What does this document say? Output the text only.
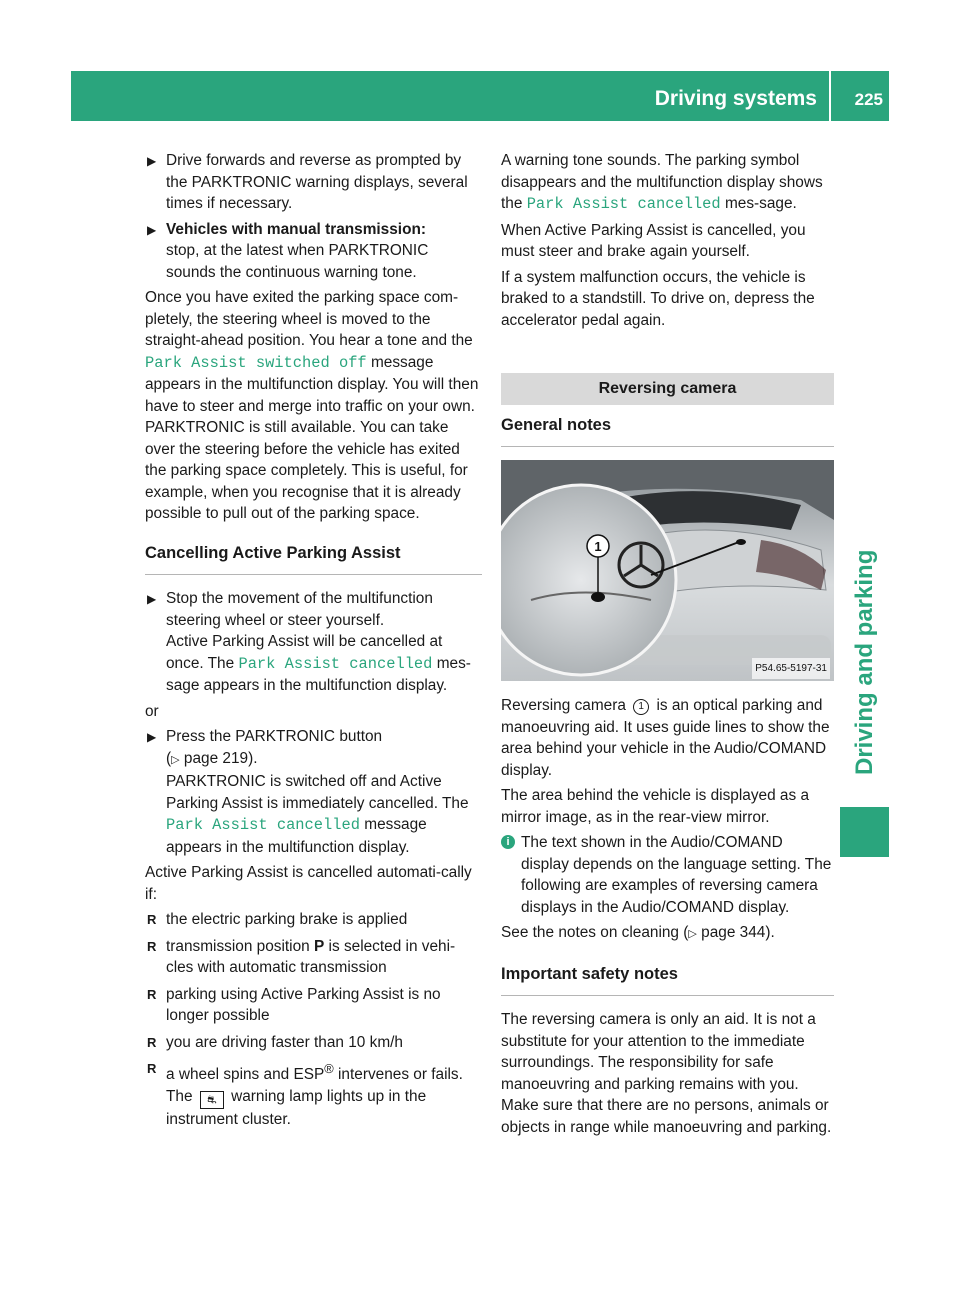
Driving systems 225
Driving and parking
▶ Drive forwards and reverse as prompted by the PARKTRONIC warning displays, several times if necessary.
▶ Vehicles with manual transmission:
stop, at the latest when PARKTRONIC sounds the continuous warning tone.

Once you have exited the parking space com-pletely, the steering wheel is moved to the straight-ahead position. You hear a tone and the Park Assist switched off message appears in the multifunction display. You will then have to steer and merge into traffic on your own. PARKTRONIC is still available. You can take over the steering before the vehicle has exited the parking space completely. This is useful, for example, when you recognise that it is already possible to pull out of the parking space.

Cancelling Active Parking Assist
▶ Stop the movement of the multifunction steering wheel or steer yourself.
Active Parking Assist will be cancelled at once. The Park Assist cancelled mes-sage appears in the multifunction display.

or

▶ Press the PARKTRONIC button
(▷ page 219).
PARKTRONIC is switched off and Active Parking Assist is immediately cancelled. The Park Assist cancelled message appears in the multifunction display.

Active Parking Assist is cancelled automati-cally if:

R the electric parking brake is applied
R transmission position P is selected in vehi-cles with automatic transmission
R parking using Active Parking Assist is no longer possible
R you are driving faster than 10 km/h
R a wheel spins and ESP® intervenes or fails. The ⛐ warning lamp lights up in the instrument cluster.

A warning tone sounds. The parking symbol disappears and the multifunction display shows the Park Assist cancelled mes-sage.

When Active Parking Assist is cancelled, you must steer and brake again yourself.

If a system malfunction occurs, the vehicle is braked to a standstill. To drive on, depress the accelerator pedal again.

Reversing camera
General notes
1
P54.65-5197-31

Reversing camera 1 is an optical parking and manoeuvring aid. It uses guide lines to show the area behind your vehicle in the Audio/COMAND display.

The area behind the vehicle is displayed as a mirror image, as in the rear-view mirror.

i The text shown in the Audio/COMAND display depends on the language setting. The following are examples of reversing camera displays in the Audio/COMAND display.

See the notes on cleaning (▷ page 344).

Important safety notes

The reversing camera is only an aid. It is not a substitute for your attention to the immediate surroundings. The responsibility for safe manoeuvring and parking remains with you. Make sure that there are no persons, animals or objects in range while manoeuvring and parking.
